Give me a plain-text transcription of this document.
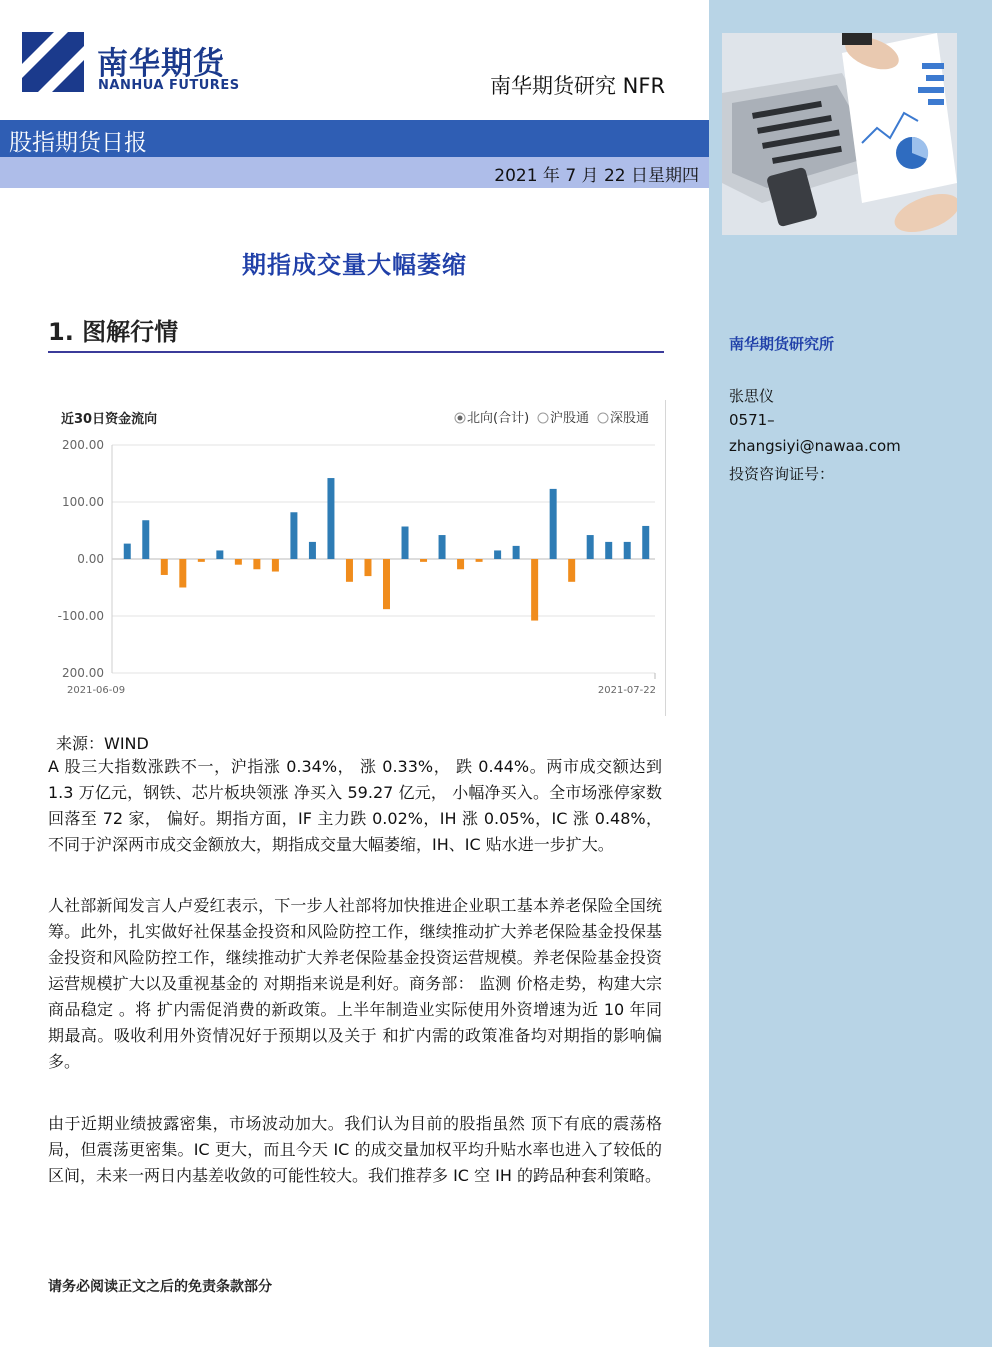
南华期货
NANHUA FUTURES	南华期货研究 NFR
股指期货日报
2021 年 7 月 22 日星期四
期指成交量大幅萎缩
1. 图解行情
近30日资金流向	北向(合计) 沪股通 深股通
200.00
100.00
0.00
-100.00
200.00
2021-06-09	2021-07-22
来源：WIND

A 股三大指数涨跌不一，沪指涨 0.34%， 涨 0.33%， 跌 0.44%。两市成交额达到 1.3 万亿元，钢铁、芯片板块领涨 净买入 59.27 亿元， 小幅净买入。全市场涨停家数回落至 72 家， 偏好。期指方面，IF 主力跌 0.02%，IH 涨 0.05%，IC 涨 0.48%，不同于沪深两市成交金额放大，期指成交量大幅萎缩，IH、IC 贴水进一步扩大。

人社部新闻发言人卢爱红表示，下一步人社部将加快推进企业职工基本养老保险全国统筹。此外，扎实做好社保基金投资和风险防控工作，继续推动扩大养老保险基金投保基金投资和风险防控工作，继续推动扩大养老保险基金投资运营规模。养老保险基金投资运营规模扩大以及重视基金的 对期指来说是利好。商务部： 监测 价格走势，构建大宗商品稳定 。将 扩内需促消费的新政策。上半年制造业实际使用外资增速为近 10 年同期最高。吸收利用外资情况好于预期以及关于 和扩内需的政策准备均对期指的影响偏多。

由于近期业绩披露密集，市场波动加大。我们认为目前的股指虽然 顶下有底的震荡格局，但震荡更密集。IC 更大，而且今天 IC 的成交量加权平均升贴水率也进入了较低的区间，未来一两日内基差收敛的可能性较大。我们推荐多 IC 空 IH 的跨品种套利策略。

请务必阅读正文之后的免责条款部分
南华期货研究所
张思仪
0571–
zhangsiyi@nawaa.com
投资咨询证号：
